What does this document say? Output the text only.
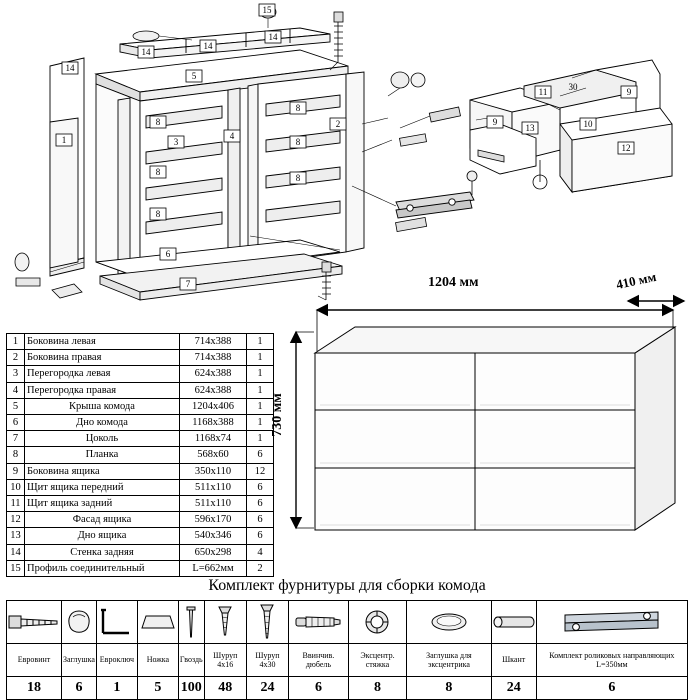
15
14
14
14
14
5
8
8
8
8
8
8
1	3
4
2
6
7
9
9
13
11
10
12
30
1	Боковина левая	714х388	1
2	Боковина правая	714х388	1
3	Перегородка левая	624х388	1
4	Перегородка правая	624х388	1
5	Крыша комода	1204х406	1
6	Дно комода	1168х388	1
7	Цоколь	1168х74	1
8	Планка	568х60	6
9	Боковина ящика	350х110	12
10	Щит ящика передний	511х110	6
11	Щит ящика задний	511х110	6
12	Фасад ящика	596х170	6
13	Дно ящика	540х346	6
14	Стенка задняя	650х298	4
15	Профиль соединительный	L=662мм	2
1204 мм	410 мм
730 мм
Комплект фурнитуры для сборки комода

Евровинт	Заглушка	Евроключ	Ножка	Гвоздь	Шуруп 4х16	Шуруп 4х30	Ввинчив. дюбель	Эксцентр. стяжка	Заглушка для эксцентрика	Шкант	Комплект роликовых направляющих L=350мм
18	6	1	5	100	48	24	6	8	8	24	6
